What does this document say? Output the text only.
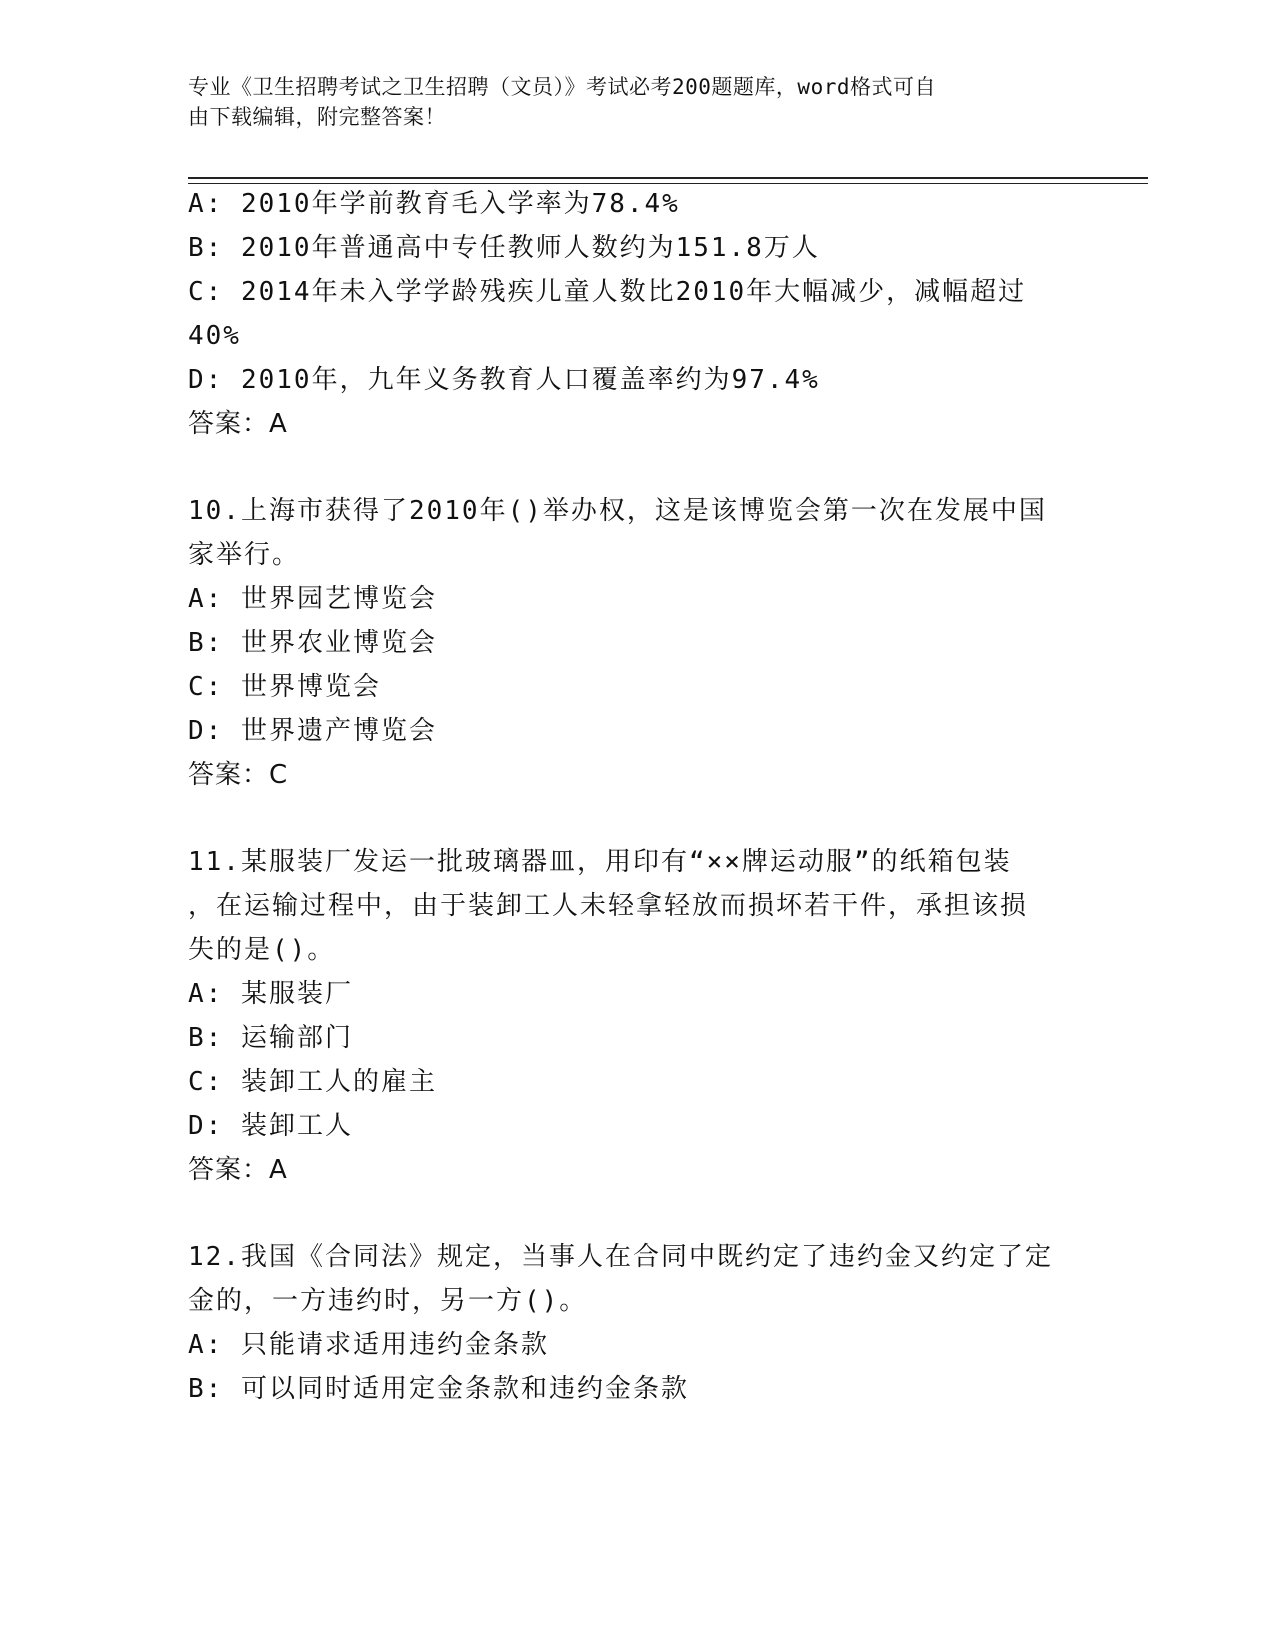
专业《卫生招聘考试之卫生招聘（文员）》考试必考200题题库，word格式可自
由下载编辑，附完整答案！
A: 2010年学前教育毛入学率为78.4%
B: 2010年普通高中专任教师人数约为151.8万人
C: 2014年未入学学龄残疾儿童人数比2010年大幅减少，减幅超过
40%
D: 2010年，九年义务教育人口覆盖率约为97.4%
答案：A
10.上海市获得了2010年()举办权，这是该博览会第一次在发展中国
家举行。
A: 世界园艺博览会
B: 世界农业博览会
C: 世界博览会
D: 世界遗产博览会
答案：C
11.某服装厂发运一批玻璃器皿，用印有“××牌运动服”的纸箱包装
，在运输过程中，由于装卸工人未轻拿轻放而损坏若干件，承担该损
失的是()。
A: 某服装厂
B: 运输部门
C: 装卸工人的雇主
D: 装卸工人
答案：A
12.我国《合同法》规定，当事人在合同中既约定了违约金又约定了定
金的，一方违约时，另一方()。
A: 只能请求适用违约金条款
B: 可以同时适用定金条款和违约金条款
